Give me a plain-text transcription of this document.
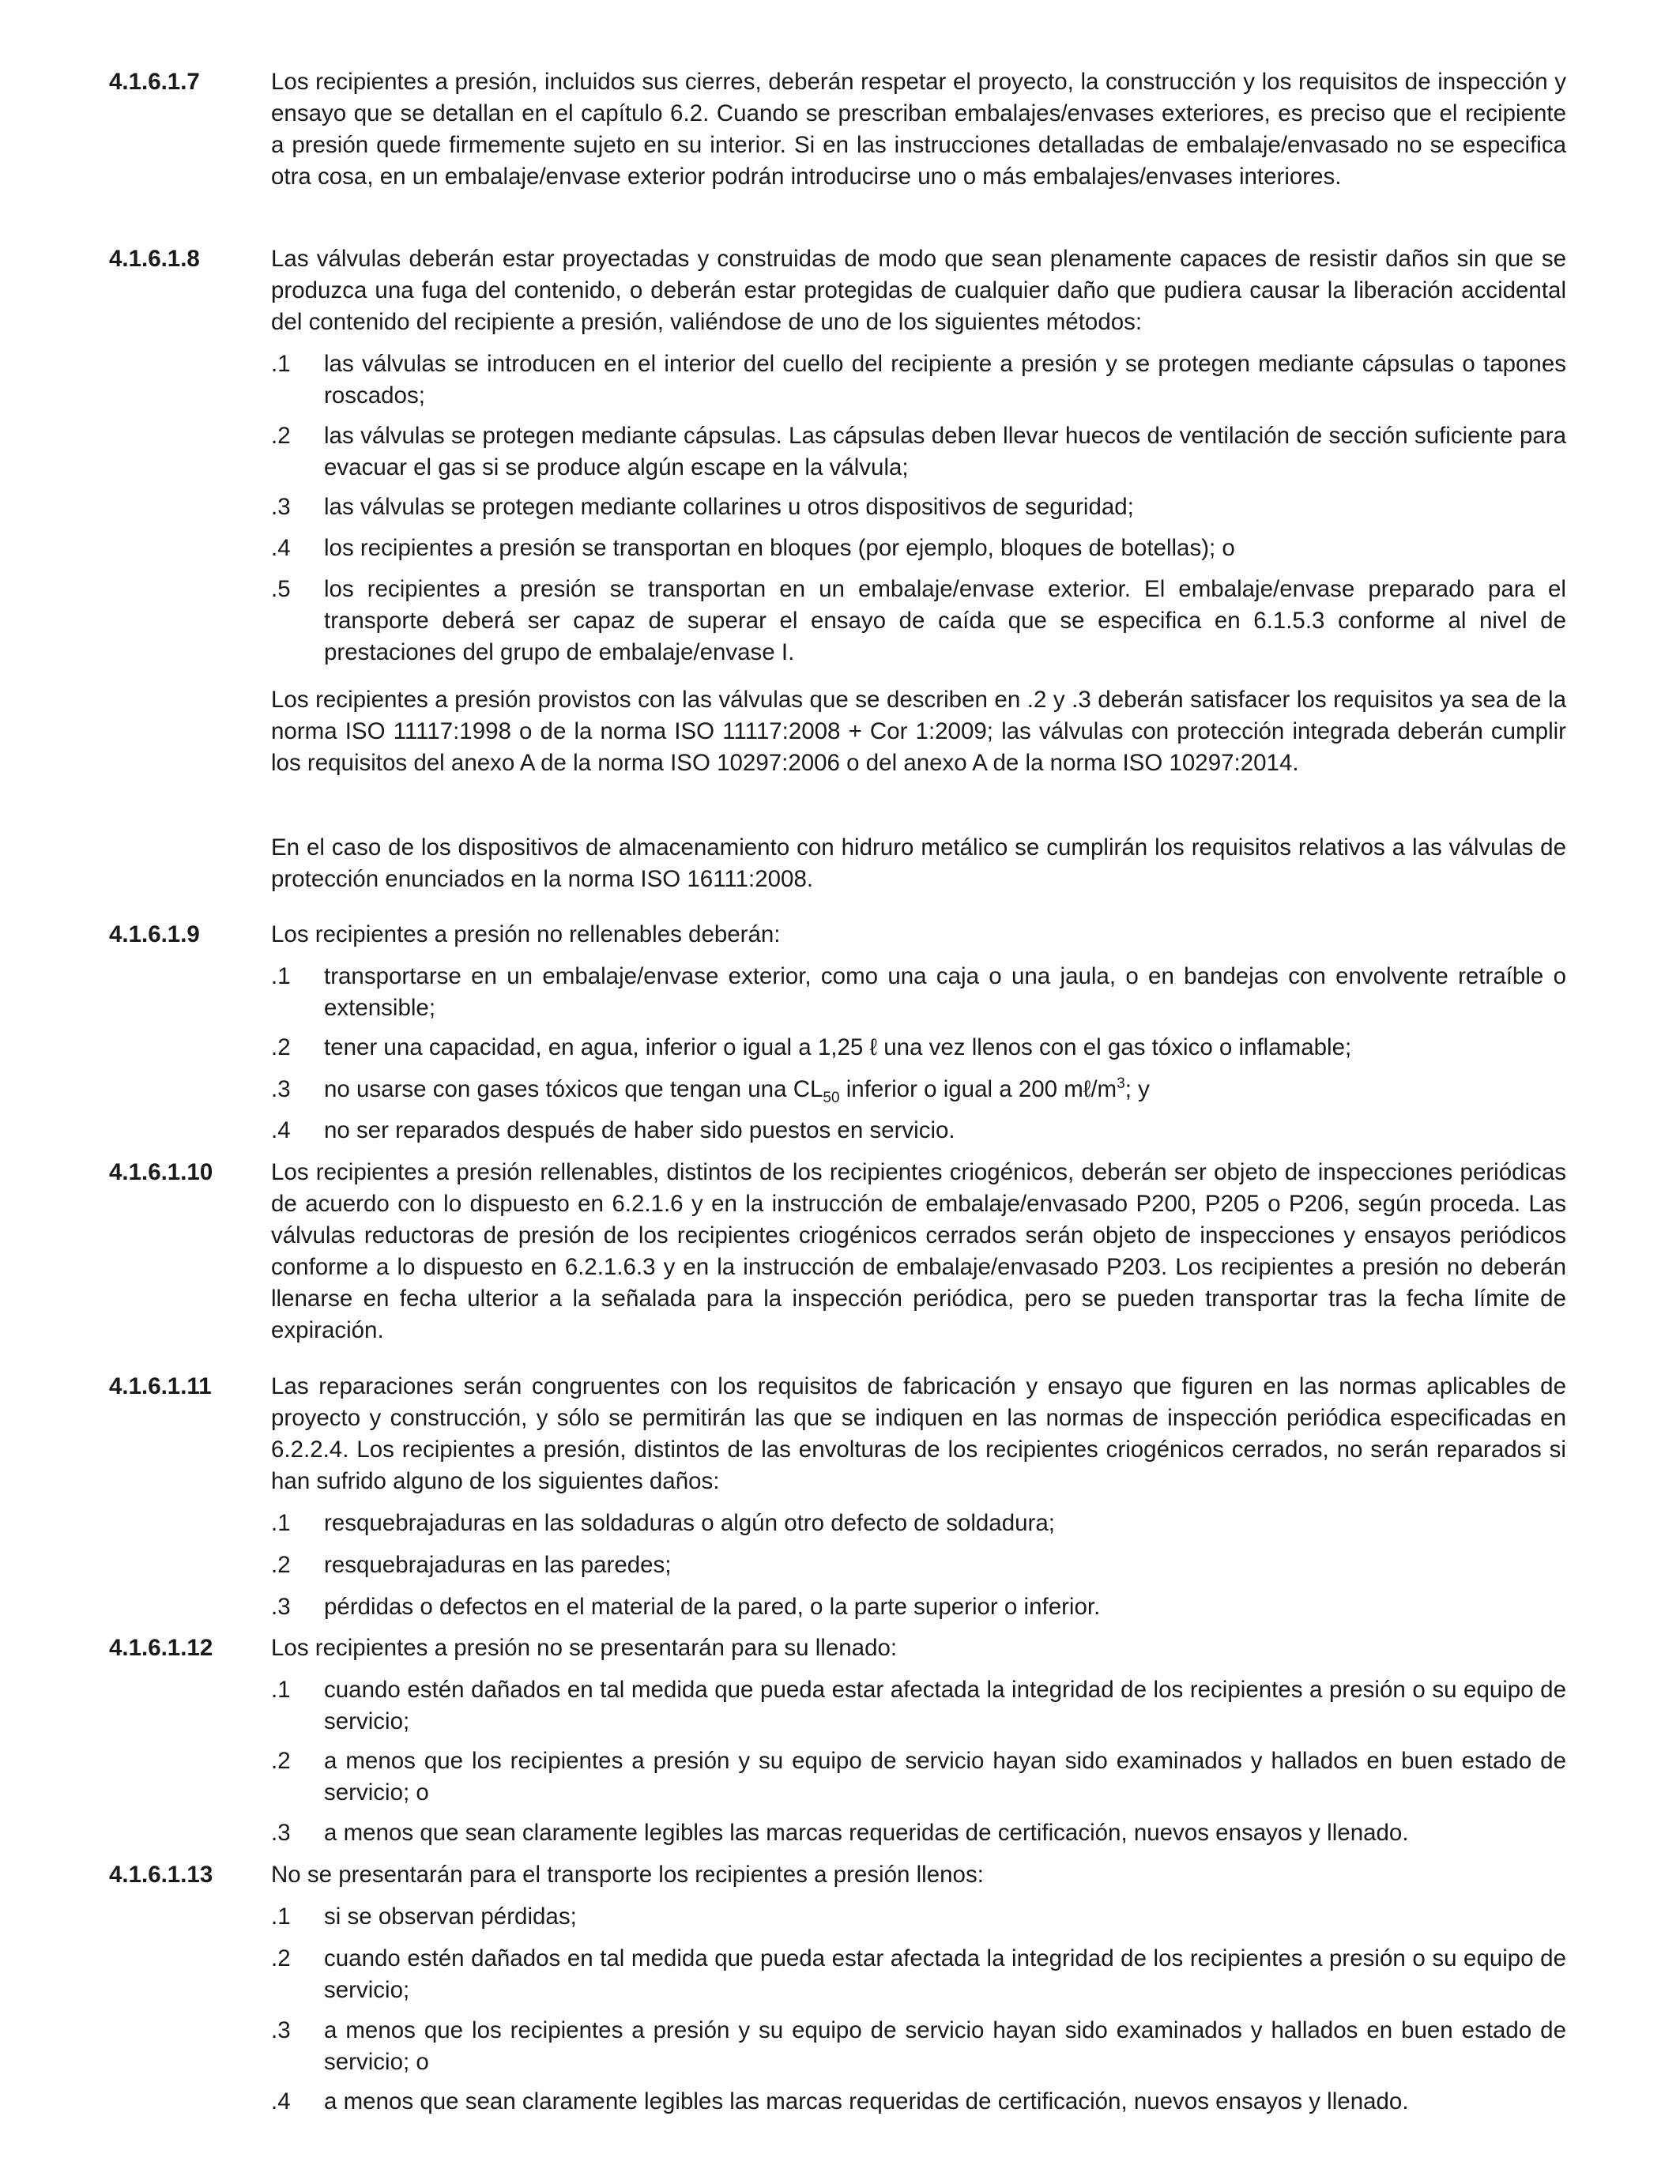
4.1.6.1.7	Los recipientes a presión, incluidos sus cierres, deberán respetar el proyecto, la construcción y los requisitos de inspección y ensayo que se detallan en el capítulo 6.2. Cuando se prescriban embalajes/envases exteriores, es preciso que el recipiente a presión quede firmemente sujeto en su interior. Si en las instrucciones detalladas de embalaje/envasado no se especifica otra cosa, en un embalaje/envase exterior podrán introducirse uno o más embalajes/envases interiores.
4.1.6.1.8	Las válvulas deberán estar proyectadas y construidas de modo que sean plenamente capaces de resistir daños sin que se produzca una fuga del contenido, o deberán estar protegidas de cualquier daño que pudiera causar la liberación accidental del contenido del recipiente a presión, valiéndose de uno de los siguientes métodos:
.1	las válvulas se introducen en el interior del cuello del recipiente a presión y se protegen mediante cápsulas o tapones roscados;
.2	las válvulas se protegen mediante cápsulas. Las cápsulas deben llevar huecos de ventilación de sección suficiente para evacuar el gas si se produce algún escape en la válvula;
.3	las válvulas se protegen mediante collarines u otros dispositivos de seguridad;
.4	los recipientes a presión se transportan en bloques (por ejemplo, bloques de botellas); o
.5	los recipientes a presión se transportan en un embalaje/envase exterior. El embalaje/envase preparado para el transporte deberá ser capaz de superar el ensayo de caída que se especifica en 6.1.5.3 conforme al nivel de prestaciones del grupo de embalaje/envase I.
Los recipientes a presión provistos con las válvulas que se describen en .2 y .3 deberán satisfacer los requisitos ya sea de la norma ISO 11117:1998 o de la norma ISO 11117:2008 + Cor 1:2009; las válvulas con protección integrada deberán cumplir los requisitos del anexo A de la norma ISO 10297:2006 o del anexo A de la norma ISO 10297:2014.
En el caso de los dispositivos de almacenamiento con hidruro metálico se cumplirán los requisitos relativos a las válvulas de protección enunciados en la norma ISO 16111:2008.
4.1.6.1.9	Los recipientes a presión no rellenables deberán:
.1	transportarse en un embalaje/envase exterior, como una caja o una jaula, o en bandejas con envolvente retraíble o extensible;
.2	tener una capacidad, en agua, inferior o igual a 1,25 ℓ una vez llenos con el gas tóxico o inflamable;
.3	no usarse con gases tóxicos que tengan una $CL_{50}$ inferior o igual a 200 $m\ell/m^3$; y
.4	no ser reparados después de haber sido puestos en servicio.
4.1.6.1.10	Los recipientes a presión rellenables, distintos de los recipientes criogénicos, deberán ser objeto de inspecciones periódicas de acuerdo con lo dispuesto en 6.2.1.6 y en la instrucción de embalaje/envasado P200, P205 o P206, según proceda. Las válvulas reductoras de presión de los recipientes criogénicos cerrados serán objeto de inspecciones y ensayos periódicos conforme a lo dispuesto en 6.2.1.6.3 y en la instrucción de embalaje/envasado P203. Los recipientes a presión no deberán llenarse en fecha ulterior a la señalada para la inspección periódica, pero se pueden transportar tras la fecha límite de expiración.
4.1.6.1.11	Las reparaciones serán congruentes con los requisitos de fabricación y ensayo que figuren en las normas aplicables de proyecto y construcción, y sólo se permitirán las que se indiquen en las normas de inspección periódica especificadas en 6.2.2.4. Los recipientes a presión, distintos de las envolturas de los recipientes criogénicos cerrados, no serán reparados si han sufrido alguno de los siguientes daños:
.1	resquebrajaduras en las soldaduras o algún otro defecto de soldadura;
.2	resquebrajaduras en las paredes;
.3	pérdidas o defectos en el material de la pared, o la parte superior o inferior.
4.1.6.1.12	Los recipientes a presión no se presentarán para su llenado:
.1	cuando estén dañados en tal medida que pueda estar afectada la integridad de los recipientes a presión o su equipo de servicio;
.2	a menos que los recipientes a presión y su equipo de servicio hayan sido examinados y hallados en buen estado de servicio; o
.3	a menos que sean claramente legibles las marcas requeridas de certificación, nuevos ensayos y llenado.
4.1.6.1.13	No se presentarán para el transporte los recipientes a presión llenos:
.1	si se observan pérdidas;
.2	cuando estén dañados en tal medida que pueda estar afectada la integridad de los recipientes a presión o su equipo de servicio;
.3	a menos que los recipientes a presión y su equipo de servicio hayan sido examinados y hallados en buen estado de servicio; o
.4	a menos que sean claramente legibles las marcas requeridas de certificación, nuevos ensayos y llenado.
